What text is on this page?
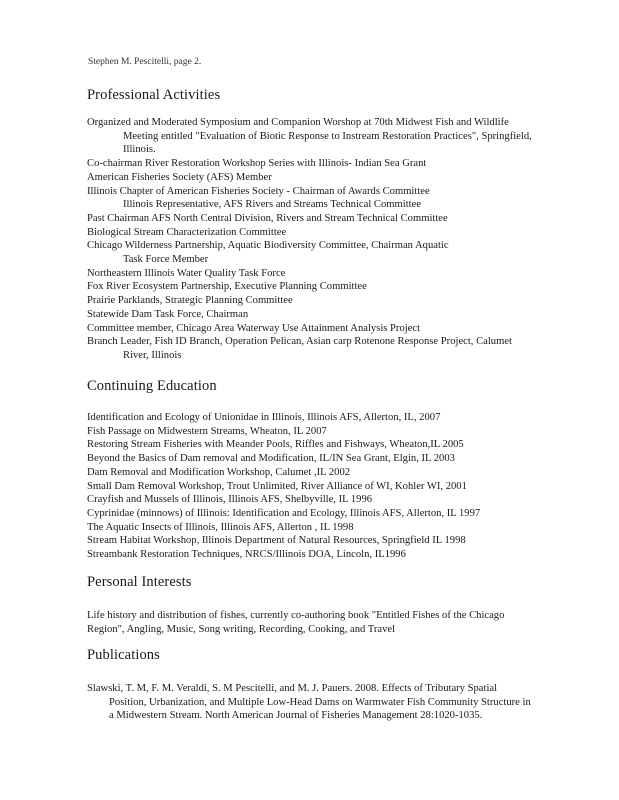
Stephen M. Pescitelli, page 2.
Professional Activities

Organized and Moderated Symposium and Companion Worshop at 70th Midwest Fish and Wildlife Meeting entitled "Evaluation of Biotic Response to Instream Restoration Practices", Springfield, Illinois.

Co-chairman River Restoration Workshop Series with Illinois- Indian Sea Grant

American Fisheries Society (AFS) Member

Illinois Chapter of American Fisheries Society - Chairman of Awards Committee

Illinois Representative, AFS Rivers and Streams Technical Committee

Past Chairman AFS North Central Division, Rivers and Stream Technical Committee

Biological Stream Characterization Committee

Chicago Wilderness Partnership, Aquatic Biodiversity Committee, Chairman Aquatic Task Force Member

Northeastern Illinois Water Quality Task Force

Fox River Ecosystem Partnership, Executive Planning Committee

Prairie Parklands, Strategic Planning Committee

Statewide Dam Task Force, Chairman

Committee member, Chicago Area Waterway Use Attainment Analysis Project

Branch Leader, Fish ID Branch, Operation Pelican, Asian carp Rotenone Response Project, Calumet River, Illinois

Continuing Education

Identification and Ecology of Unionidae in Illinois, Illinois AFS, Allerton, IL, 2007

Fish Passage on Midwestern Streams, Wheaton, IL 2007

Restoring Stream Fisheries with Meander Pools, Riffles and Fishways, Wheaton,IL 2005

Beyond the Basics of Dam removal and Modification, IL/IN Sea Grant, Elgin, IL 2003

Dam Removal and Modification Workshop, Calumet ,IL 2002

Small Dam Removal Workshop, Trout Unlimited, River Alliance of WI, Kohler WI, 2001

Crayfish and Mussels of Illinois, Illinois AFS, Shelbyville, IL 1996

Cyprinidae (minnows) of Illinois: Identification and Ecology, Illinois AFS, Allerton, IL 1997

The Aquatic Insects of Illinois, Illinois AFS, Allerton , IL 1998

Stream Habitat Workshop, Illinois Department of Natural Resources, Springfield IL 1998

Streambank Restoration Techniques, NRCS/Illinois DOA, Lincoln, IL1996

Personal Interests

Life history and distribution of fishes, currently co-authoring book "Entitled Fishes of the Chicago Region", Angling, Music, Song writing, Recording, Cooking, and Travel

Publications

Slawski, T. M, F. M. Veraldi, S. M Pescitelli, and M. J. Pauers. 2008. Effects of Tributary Spatial Position, Urbanization, and Multiple Low-Head Dams on Warmwater Fish Community Structure in a Midwestern Stream. North American Journal of Fisheries Management 28:1020-1035.
